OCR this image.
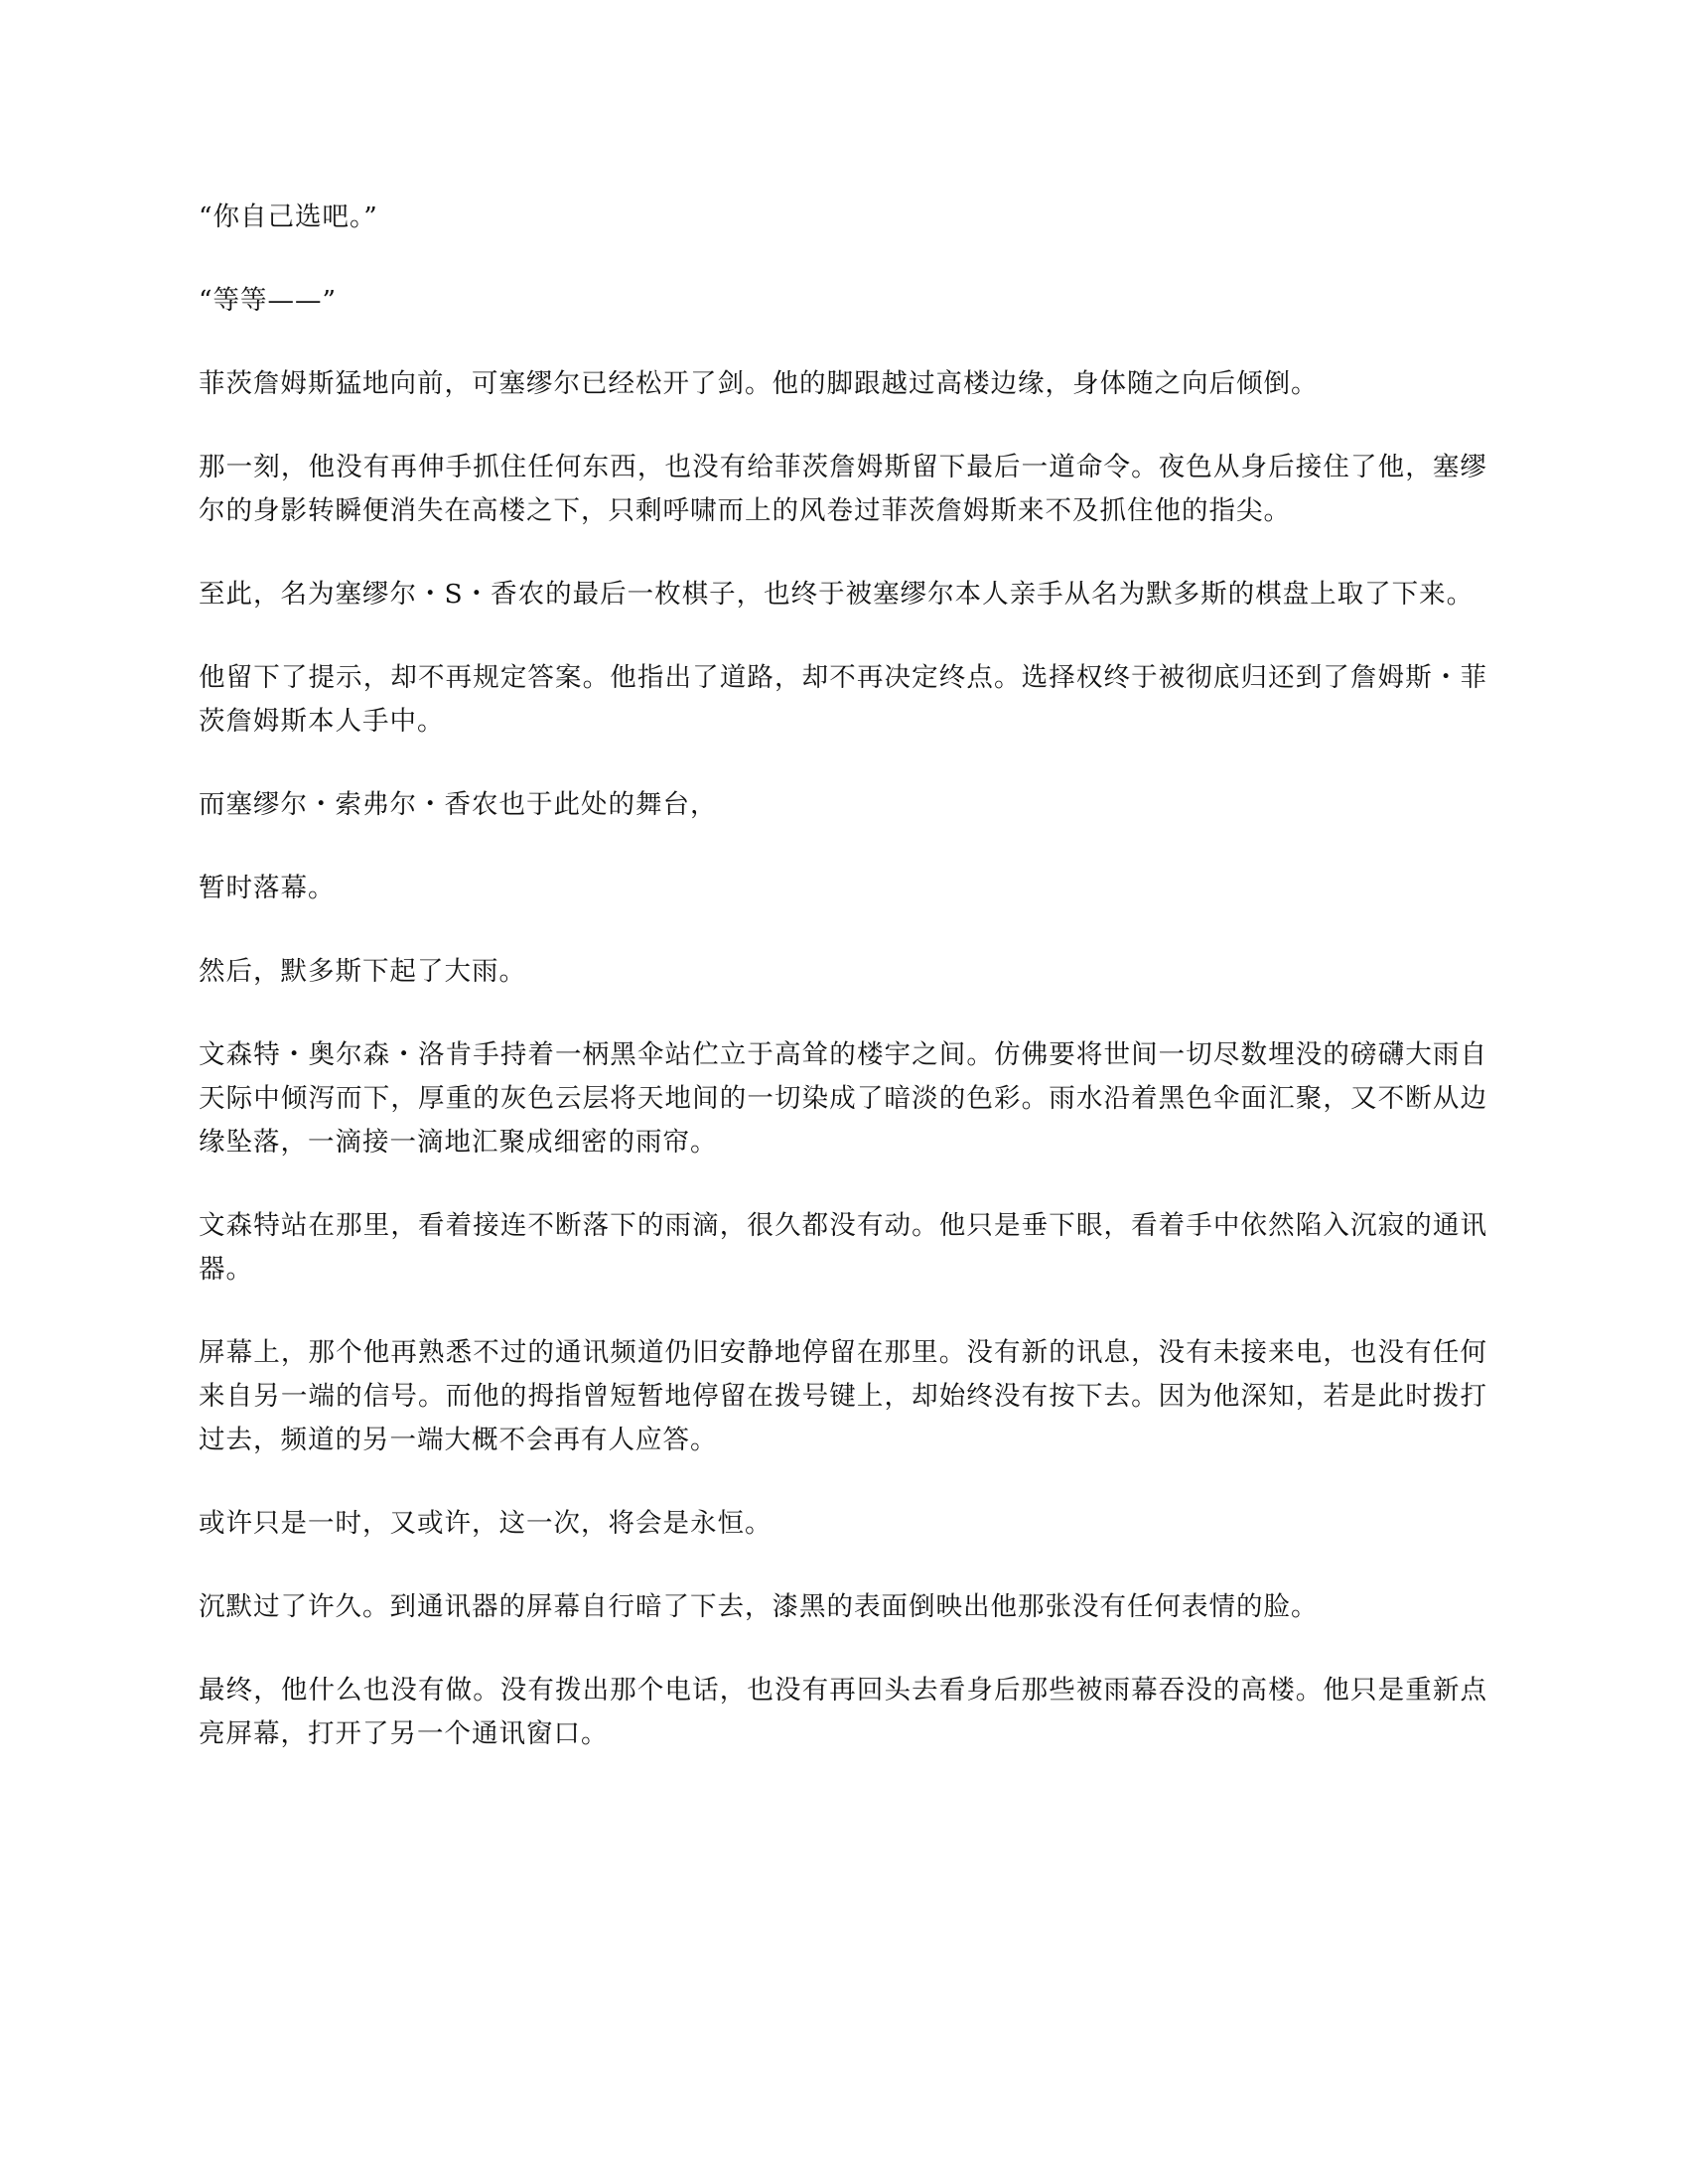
“你自己选吧。”

“等等——”

菲茨詹姆斯猛地向前，可塞缪尔已经松开了剑。他的脚跟越过高楼边缘，身体随之向后倾倒。

那一刻，他没有再伸手抓住任何东西，也没有给菲茨詹姆斯留下最后一道命令。夜色从身后接住了他，塞缪尔的身影转瞬便消失在高楼之下，只剩呼啸而上的风卷过菲茨詹姆斯来不及抓住他的指尖。

至此，名为塞缪尔・S・香农的最后一枚棋子，也终于被塞缪尔本人亲手从名为默多斯的棋盘上取了下来。

他留下了提示，却不再规定答案。他指出了道路，却不再决定终点。选择权终于被彻底归还到了詹姆斯・菲茨詹姆斯本人手中。

而塞缪尔・索弗尔・香农也于此处的舞台，

暂时落幕。

然后，默多斯下起了大雨。

文森特・奥尔森・洛肯手持着一柄黑伞站伫立于高耸的楼宇之间。仿佛要将世间一切尽数埋没的磅礴大雨自天际中倾泻而下，厚重的灰色云层将天地间的一切染成了暗淡的色彩。雨水沿着黑色伞面汇聚，又不断从边缘坠落，一滴接一滴地汇聚成细密的雨帘。

文森特站在那里，看着接连不断落下的雨滴，很久都没有动。他只是垂下眼，看着手中依然陷入沉寂的通讯器。

屏幕上，那个他再熟悉不过的通讯频道仍旧安静地停留在那里。没有新的讯息，没有未接来电，也没有任何来自另一端的信号。而他的拇指曾短暂地停留在拨号键上，却始终没有按下去。因为他深知，若是此时拨打过去，频道的另一端大概不会再有人应答。

或许只是一时，又或许，这一次，将会是永恒。

沉默过了许久。到通讯器的屏幕自行暗了下去，漆黑的表面倒映出他那张没有任何表情的脸。

最终，他什么也没有做。没有拨出那个电话，也没有再回头去看身后那些被雨幕吞没的高楼。他只是重新点亮屏幕，打开了另一个通讯窗口。
